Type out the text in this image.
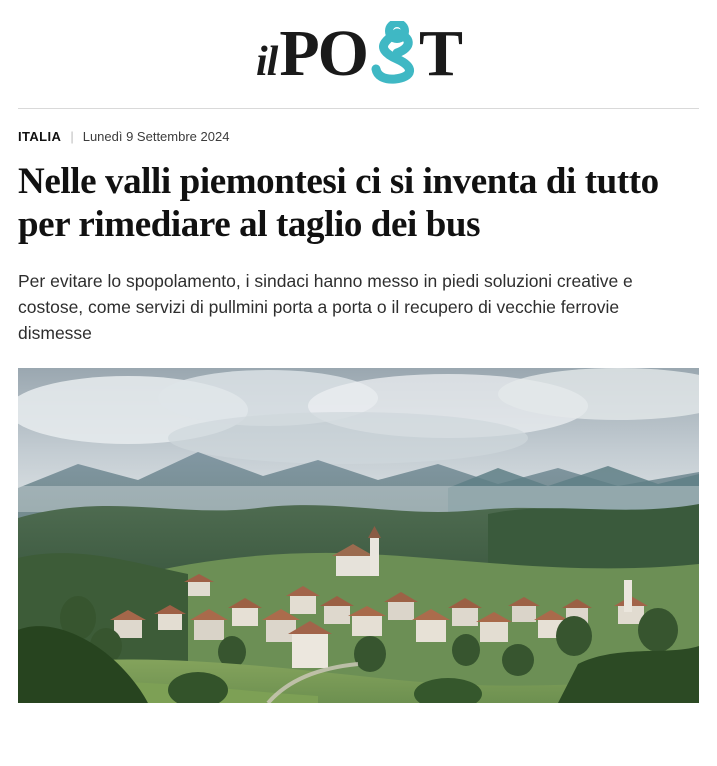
il PO T
ITALIA | Lunedì 9 Settembre 2024
Nelle valli piemontesi ci si inventa di tutto per rimediare al taglio dei bus

Per evitare lo spopolamento, i sindaci hanno messo in piedi soluzioni creative e costose, come servizi di pullmini porta a porta o il recupero di vecchie ferrovie dismesse
